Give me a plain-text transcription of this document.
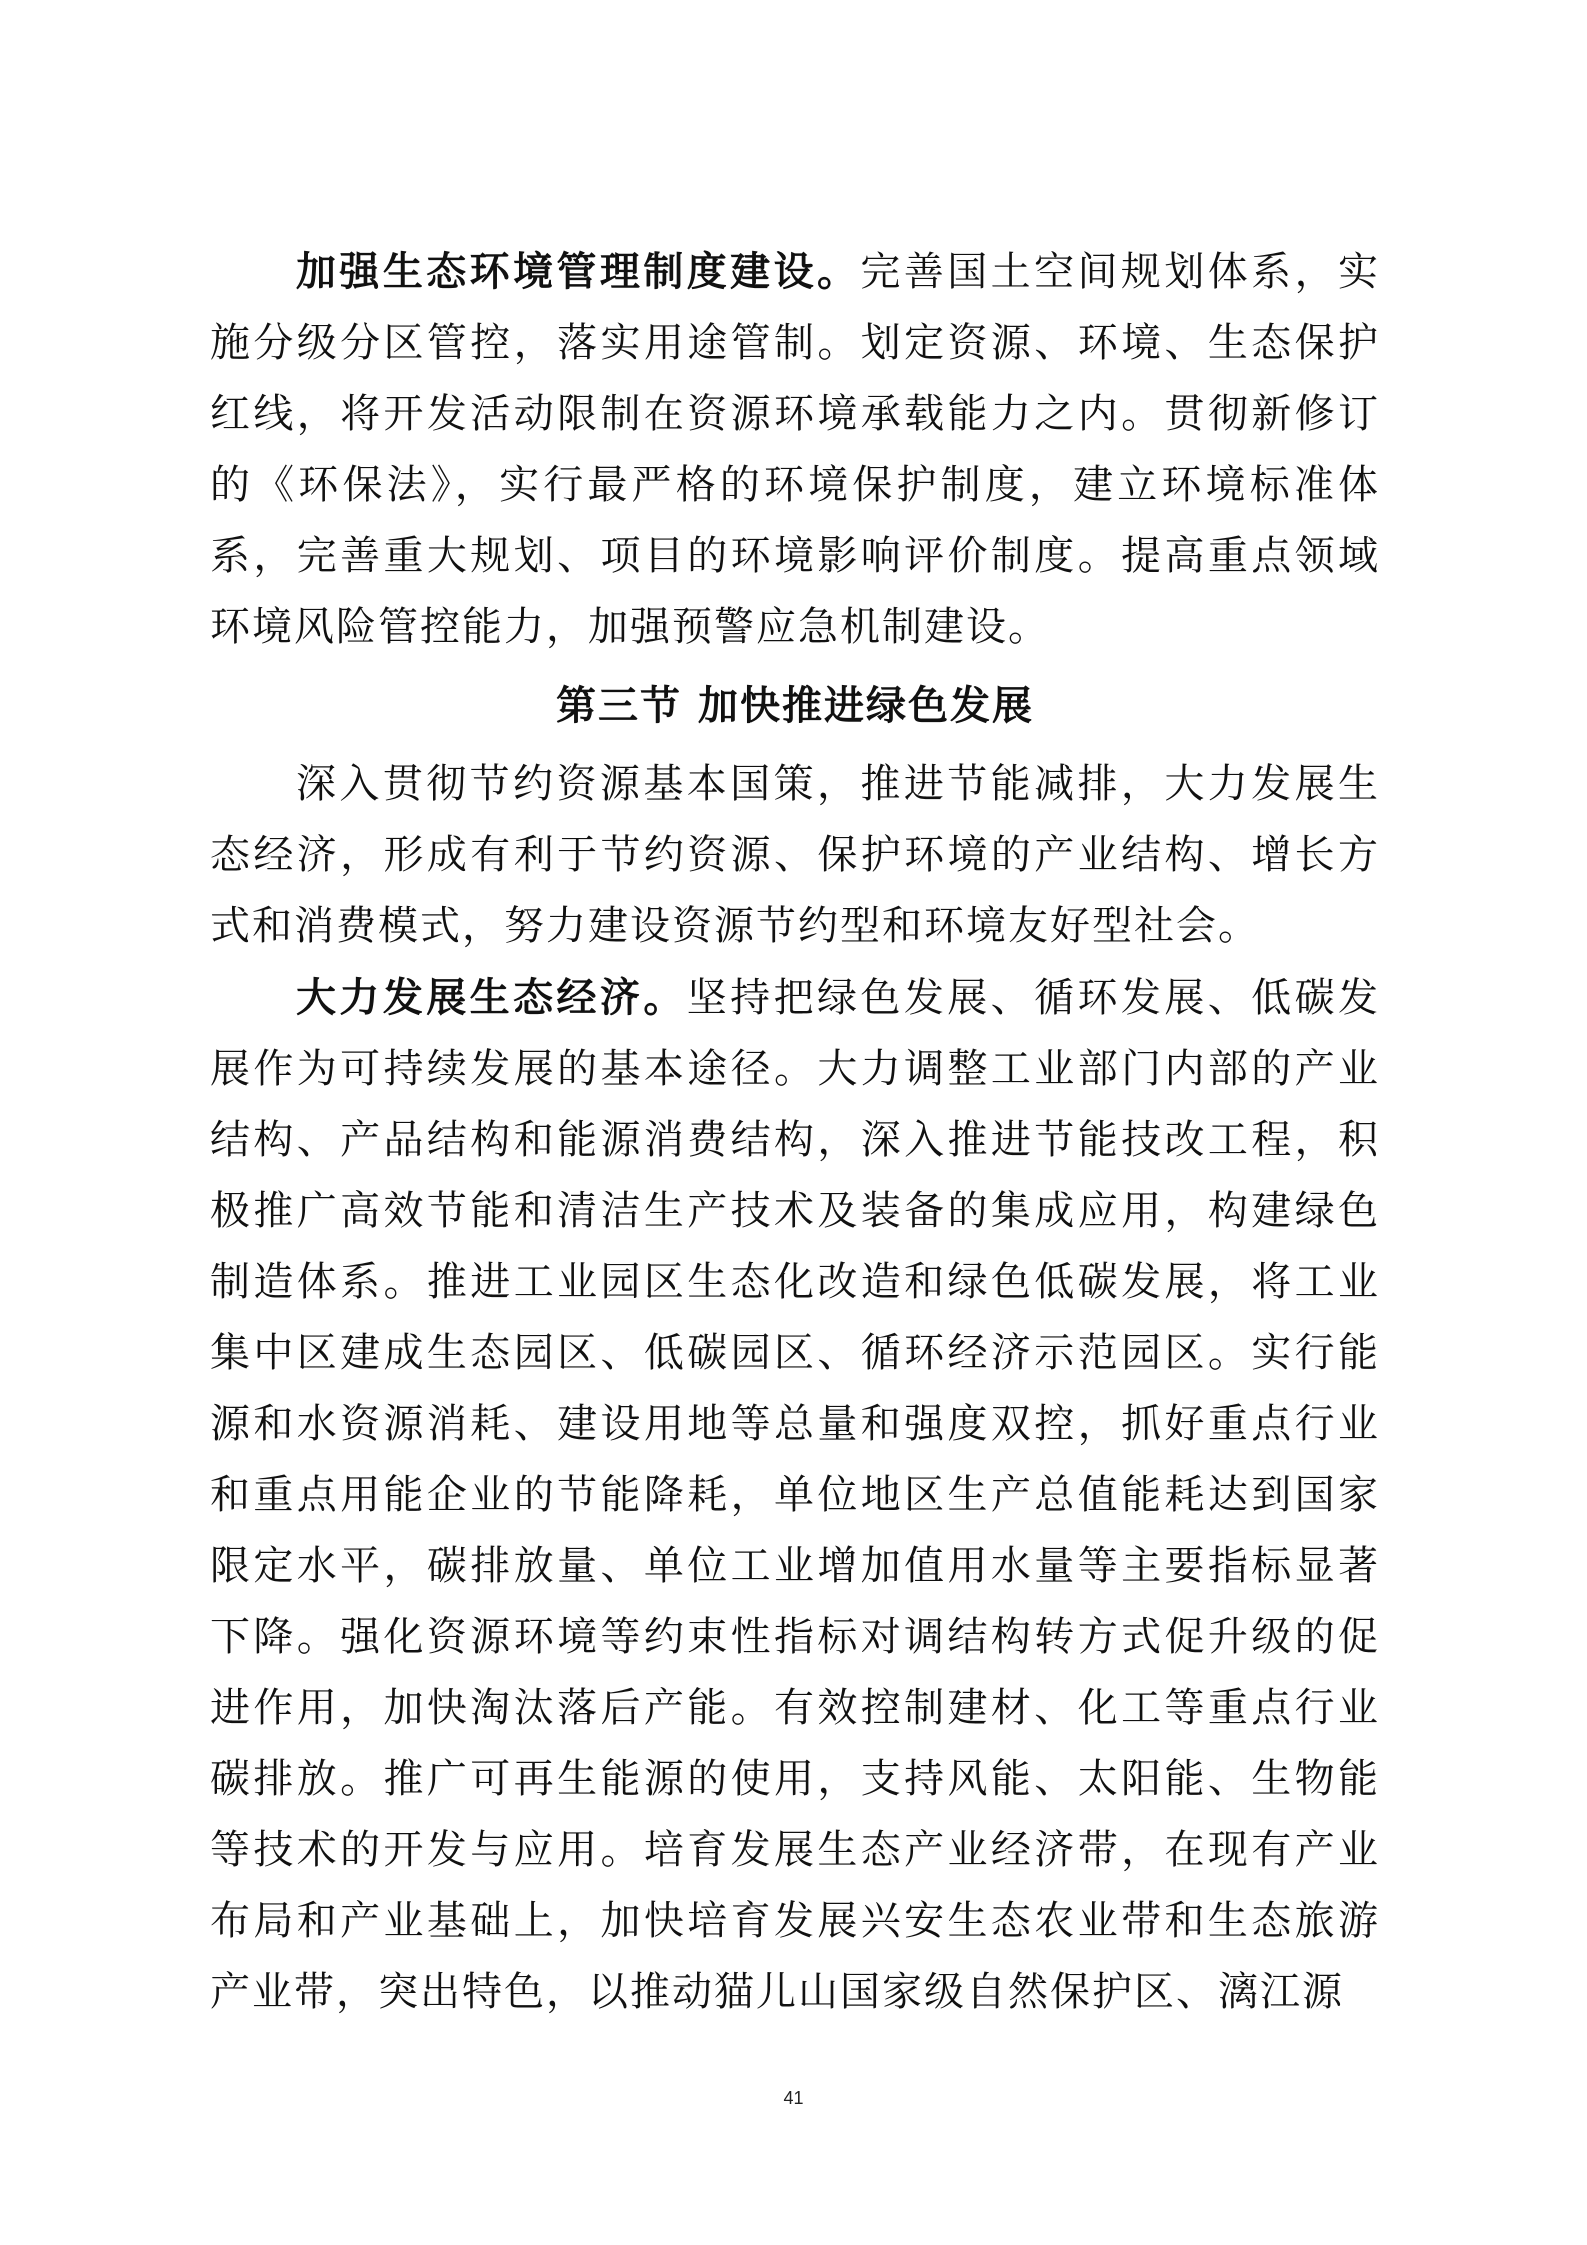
加强生态环境管理制度建设。完善国土空间规划体系，实施分级分区管控，落实用途管制。划定资源、环境、生态保护红线，将开发活动限制在资源环境承载能力之内。贯彻新修订的《环保法》，实行最严格的环境保护制度，建立环境标准体系，完善重大规划、项目的环境影响评价制度。提高重点领域环境风险管控能力，加强预警应急机制建设。

第三节 加快推进绿色发展

深入贯彻节约资源基本国策，推进节能减排，大力发展生态经济，形成有利于节约资源、保护环境的产业结构、增长方式和消费模式，努力建设资源节约型和环境友好型社会。

大力发展生态经济。坚持把绿色发展、循环发展、低碳发展作为可持续发展的基本途径。大力调整工业部门内部的产业结构、产品结构和能源消费结构，深入推进节能技改工程，积极推广高效节能和清洁生产技术及装备的集成应用，构建绿色制造体系。推进工业园区生态化改造和绿色低碳发展，将工业集中区建成生态园区、低碳园区、循环经济示范园区。实行能源和水资源消耗、建设用地等总量和强度双控，抓好重点行业和重点用能企业的节能降耗，单位地区生产总值能耗达到国家限定水平，碳排放量、单位工业增加值用水量等主要指标显著下降。强化资源环境等约束性指标对调结构转方式促升级的促进作用，加快淘汰落后产能。有效控制建材、化工等重点行业碳排放。推广可再生能源的使用，支持风能、太阳能、生物能等技术的开发与应用。培育发展生态产业经济带，在现有产业布局和产业基础上，加快培育发展兴安生态农业带和生态旅游产业带，突出特色，以推动猫儿山国家级自然保护区、漓江源

41
